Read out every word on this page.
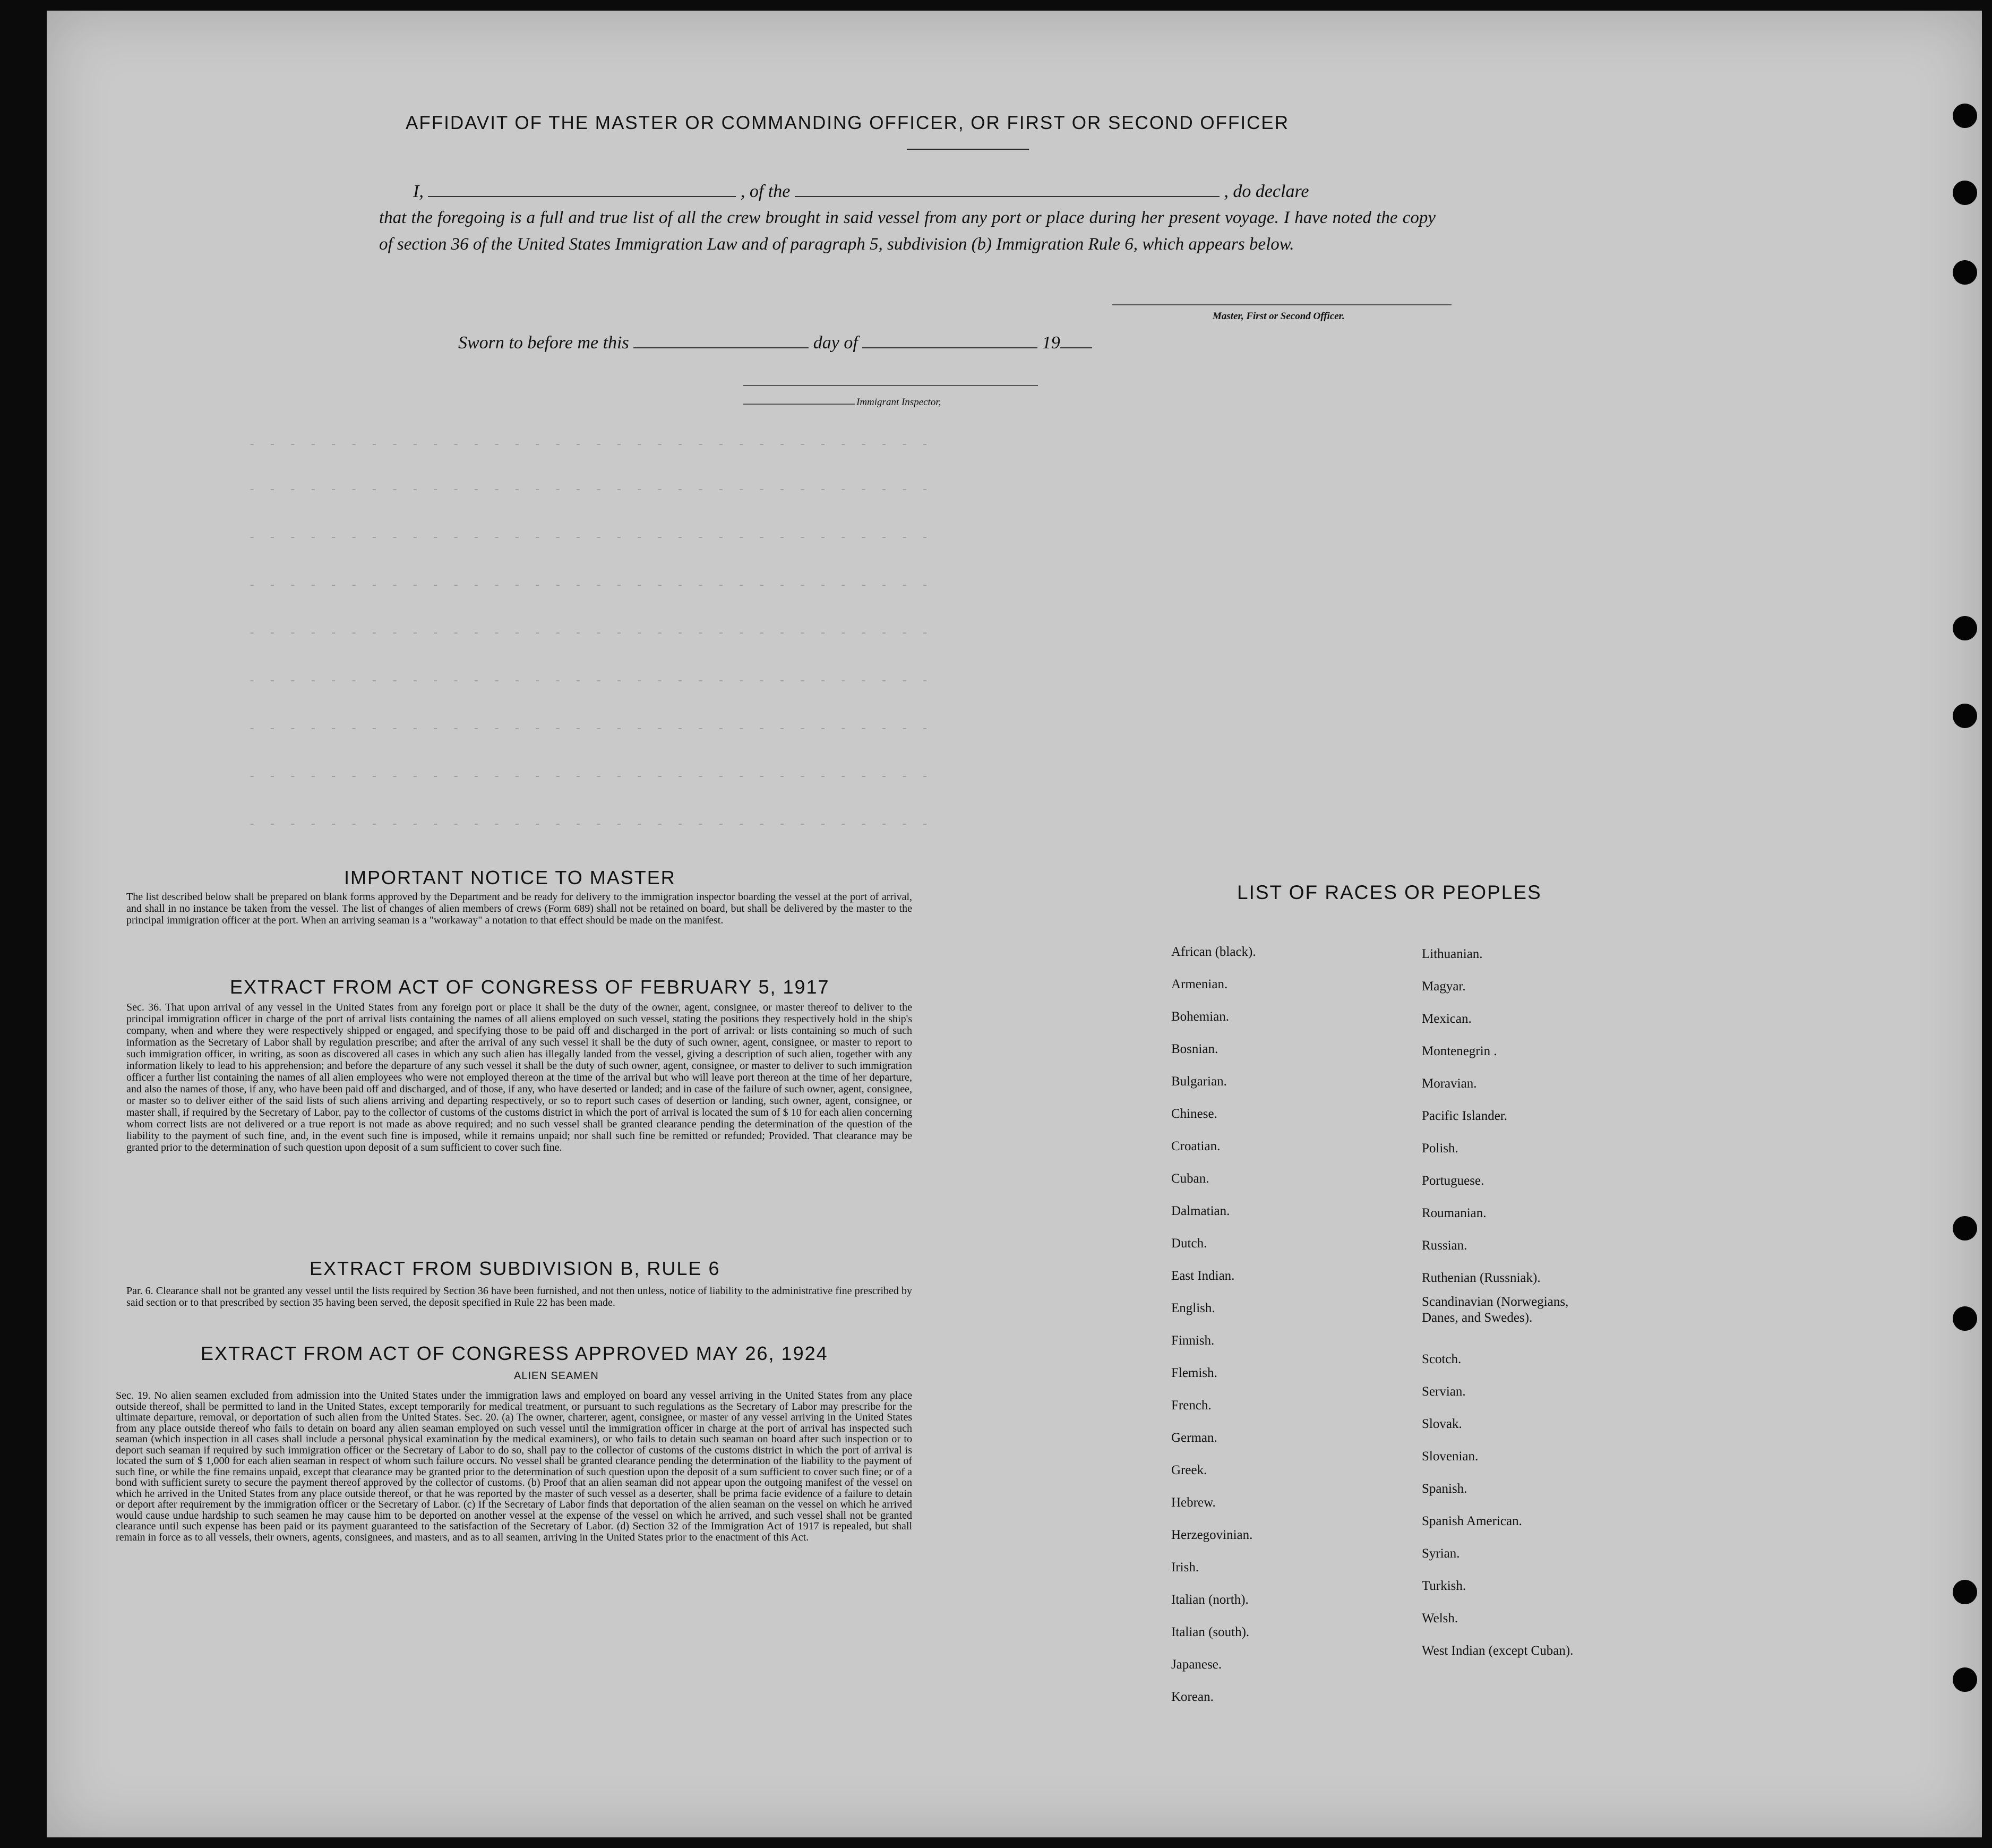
- - - - - - - - - - - - - - - - - - - - - - - - - - - - - - - - - -
- - - - - - - - - - - - - - - - - - - - - - - - - - - - - - - - - -
- - - - - - - - - - - - - - - - - - - - - - - - - - - - - - - - - -
- - - - - - - - - - - - - - - - - - - - - - - - - - - - - - - - - -
- - - - - - - - - - - - - - - - - - - - - - - - - - - - - - - - - -
- - - - - - - - - - - - - - - - - - - - - - - - - - - - - - - - - -
- - - - - - - - - - - - - - - - - - - - - - - - - - - - - - - - - -
- - - - - - - - - - - - - - - - - - - - - - - - - - - - - - - - - -
- - - - - - - - - - - - - - - - - - - - - - - - - - - - - - - - - -
AFFIDAVIT OF THE MASTER OR COMMANDING OFFICER, OR FIRST OR SECOND OFFICER
I,	, of the	, do declare
that the foregoing is a full and true list of all the crew brought in said vessel from any port or place during her present voyage. I have noted the copy of section 36 of the United States Immigration Law and of paragraph 5, subdivision (b) Immigration Rule 6, which appears below.
Master, First or Second Officer.
Sworn to before me this	day of	19
Immigrant Inspector,
IMPORTANT NOTICE TO MASTER
The list described below shall be prepared on blank forms approved by the Department and be ready for delivery to the immigration inspector boarding the vessel at the port of arrival, and shall in no instance be taken from the vessel. The list of changes of alien members of crews (Form 689) shall not be retained on board, but shall be delivered by the master to the principal immigration officer at the port. When an arriving seaman is a "workaway" a notation to that effect should be made on the manifest.
EXTRACT FROM ACT OF CONGRESS OF FEBRUARY 5, 1917
Sec. 36. That upon arrival of any vessel in the United States from any foreign port or place it shall be the duty of the owner, agent, consignee, or master thereof to deliver to the principal immigration officer in charge of the port of arrival lists containing the names of all aliens employed on such vessel, stating the positions they respectively hold in the ship's company, when and where they were respectively shipped or engaged, and specifying those to be paid off and discharged in the port of arrival: or lists containing so much of such information as the Secretary of Labor shall by regulation prescribe; and after the arrival of any such vessel it shall be the duty of such owner, agent, consignee, or master to report to such immigration officer, in writing, as soon as discovered all cases in which any such alien has illegally landed from the vessel, giving a description of such alien, together with any information likely to lead to his apprehension; and before the departure of any such vessel it shall be the duty of such owner, agent, consignee, or master to deliver to such immigration officer a further list containing the names of all alien employees who were not employed thereon at the time of the arrival but who will leave port thereon at the time of her departure, and also the names of those, if any, who have been paid off and discharged, and of those, if any, who have deserted or landed; and in case of the failure of such owner, agent, consignee, or master so to deliver either of the said lists of such aliens arriving and departing respectively, or so to report such cases of desertion or landing, such owner, agent, consignee, or master shall, if required by the Secretary of Labor, pay to the collector of customs of the customs district in which the port of arrival is located the sum of $ 10 for each alien concerning whom correct lists are not delivered or a true report is not made as above required; and no such vessel shall be granted clearance pending the determination of the question of the liability to the payment of such fine, and, in the event such fine is imposed, while it remains unpaid; nor shall such fine be remitted or refunded; Provided. That clearance may be granted prior to the determination of such question upon deposit of a sum sufficient to cover such fine.
EXTRACT FROM SUBDIVISION B, RULE 6
Par. 6. Clearance shall not be granted any vessel until the lists required by Section 36 have been furnished, and not then unless, notice of liability to the administrative fine prescribed by said section or to that prescribed by section 35 having been served, the deposit specified in Rule 22 has been made.
EXTRACT FROM ACT OF CONGRESS APPROVED MAY 26, 1924
ALIEN SEAMEN
Sec. 19. No alien seamen excluded from admission into the United States under the immigration laws and employed on board any vessel arriving in the United States from any place outside thereof, shall be permitted to land in the United States, except temporarily for medical treatment, or pursuant to such regulations as the Secretary of Labor may prescribe for the ultimate departure, removal, or deportation of such alien from the United States. Sec. 20. (a) The owner, charterer, agent, consignee, or master of any vessel arriving in the United States from any place outside thereof who fails to detain on board any alien seaman employed on such vessel until the immigration officer in charge at the port of arrival has inspected such seaman (which inspection in all cases shall include a personal physical examination by the medical examiners), or who fails to detain such seaman on board after such inspection or to deport such seaman if required by such immigration officer or the Secretary of Labor to do so, shall pay to the collector of customs of the customs district in which the port of arrival is located the sum of $ 1,000 for each alien seaman in respect of whom such failure occurs. No vessel shall be granted clearance pending the determination of the liability to the payment of such fine, or while the fine remains unpaid, except that clearance may be granted prior to the determination of such question upon the deposit of a sum sufficient to cover such fine; or of a bond with sufficient surety to secure the payment thereof approved by the collector of customs. (b) Proof that an alien seaman did not appear upon the outgoing manifest of the vessel on which he arrived in the United States from any place outside thereof, or that he was reported by the master of such vessel as a deserter, shall be prima facie evidence of a failure to detain or deport after requirement by the immigration officer or the Secretary of Labor. (c) If the Secretary of Labor finds that deportation of the alien seaman on the vessel on which he arrived would cause undue hardship to such seamen he may cause him to be deported on another vessel at the expense of the vessel on which he arrived, and such vessel shall not be granted clearance until such expense has been paid or its payment guaranteed to the satisfaction of the Secretary of Labor. (d) Section 32 of the Immigration Act of 1917 is repealed, but shall remain in force as to all vessels, their owners, agents, consignees, and masters, and as to all seamen, arriving in the United States prior to the enactment of this Act.
LIST OF RACES OR PEOPLES
African (black).
Armenian.
Bohemian.
Bosnian.
Bulgarian.
Chinese.
Croatian.
Cuban.
Dalmatian.
Dutch.
East Indian.
English.
Finnish.
Flemish.
French.
German.
Greek.
Hebrew.
Herzegovinian.
Irish.
Italian (north).
Italian (south).
Japanese.
Korean.
Lithuanian.
Magyar.
Mexican.
Montenegrin .
Moravian.
Pacific Islander.
Polish.
Portuguese.
Roumanian.
Russian.
Ruthenian (Russniak).
Scandinavian (Norwegians, Danes, and Swedes).
Scotch.
Servian.
Slovak.
Slovenian.
Spanish.
Spanish American.
Syrian.
Turkish.
Welsh.
West Indian (except Cuban).
